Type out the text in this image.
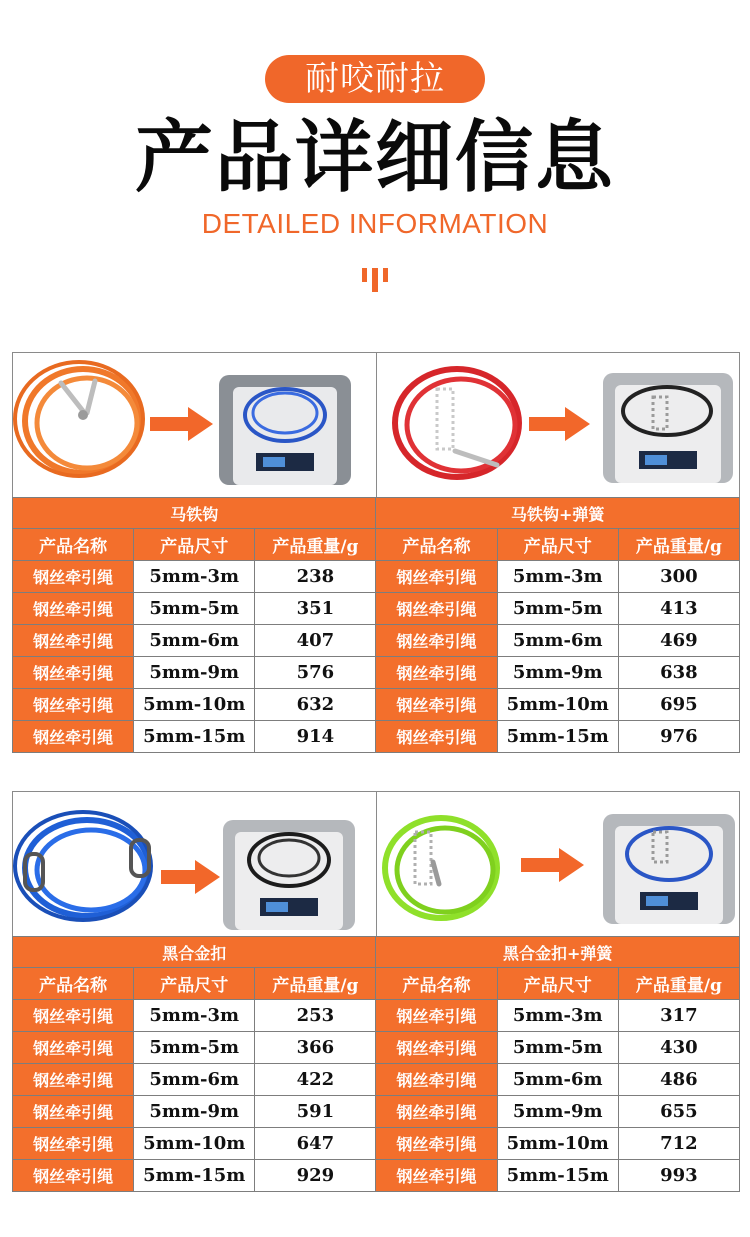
耐咬耐拉
产品详细信息
DETAILED INFORMATION
马铁钩			马铁钩+弹簧		
产品名称	产品尺寸	产品重量/g	产品名称	产品尺寸	产品重量/g
钢丝牵引绳	5mm-3m	238	钢丝牵引绳	5mm-3m	300
钢丝牵引绳	5mm-5m	351	钢丝牵引绳	5mm-5m	413
钢丝牵引绳	5mm-6m	407	钢丝牵引绳	5mm-6m	469
钢丝牵引绳	5mm-9m	576	钢丝牵引绳	5mm-9m	638
钢丝牵引绳	5mm-10m	632	钢丝牵引绳	5mm-10m	695
钢丝牵引绳	5mm-15m	914	钢丝牵引绳	5mm-15m	976
黑合金扣			黑合金扣+弹簧		
产品名称	产品尺寸	产品重量/g	产品名称	产品尺寸	产品重量/g
钢丝牵引绳	5mm-3m	253	钢丝牵引绳	5mm-3m	317
钢丝牵引绳	5mm-5m	366	钢丝牵引绳	5mm-5m	430
钢丝牵引绳	5mm-6m	422	钢丝牵引绳	5mm-6m	486
钢丝牵引绳	5mm-9m	591	钢丝牵引绳	5mm-9m	655
钢丝牵引绳	5mm-10m	647	钢丝牵引绳	5mm-10m	712
钢丝牵引绳	5mm-15m	929	钢丝牵引绳	5mm-15m	993
